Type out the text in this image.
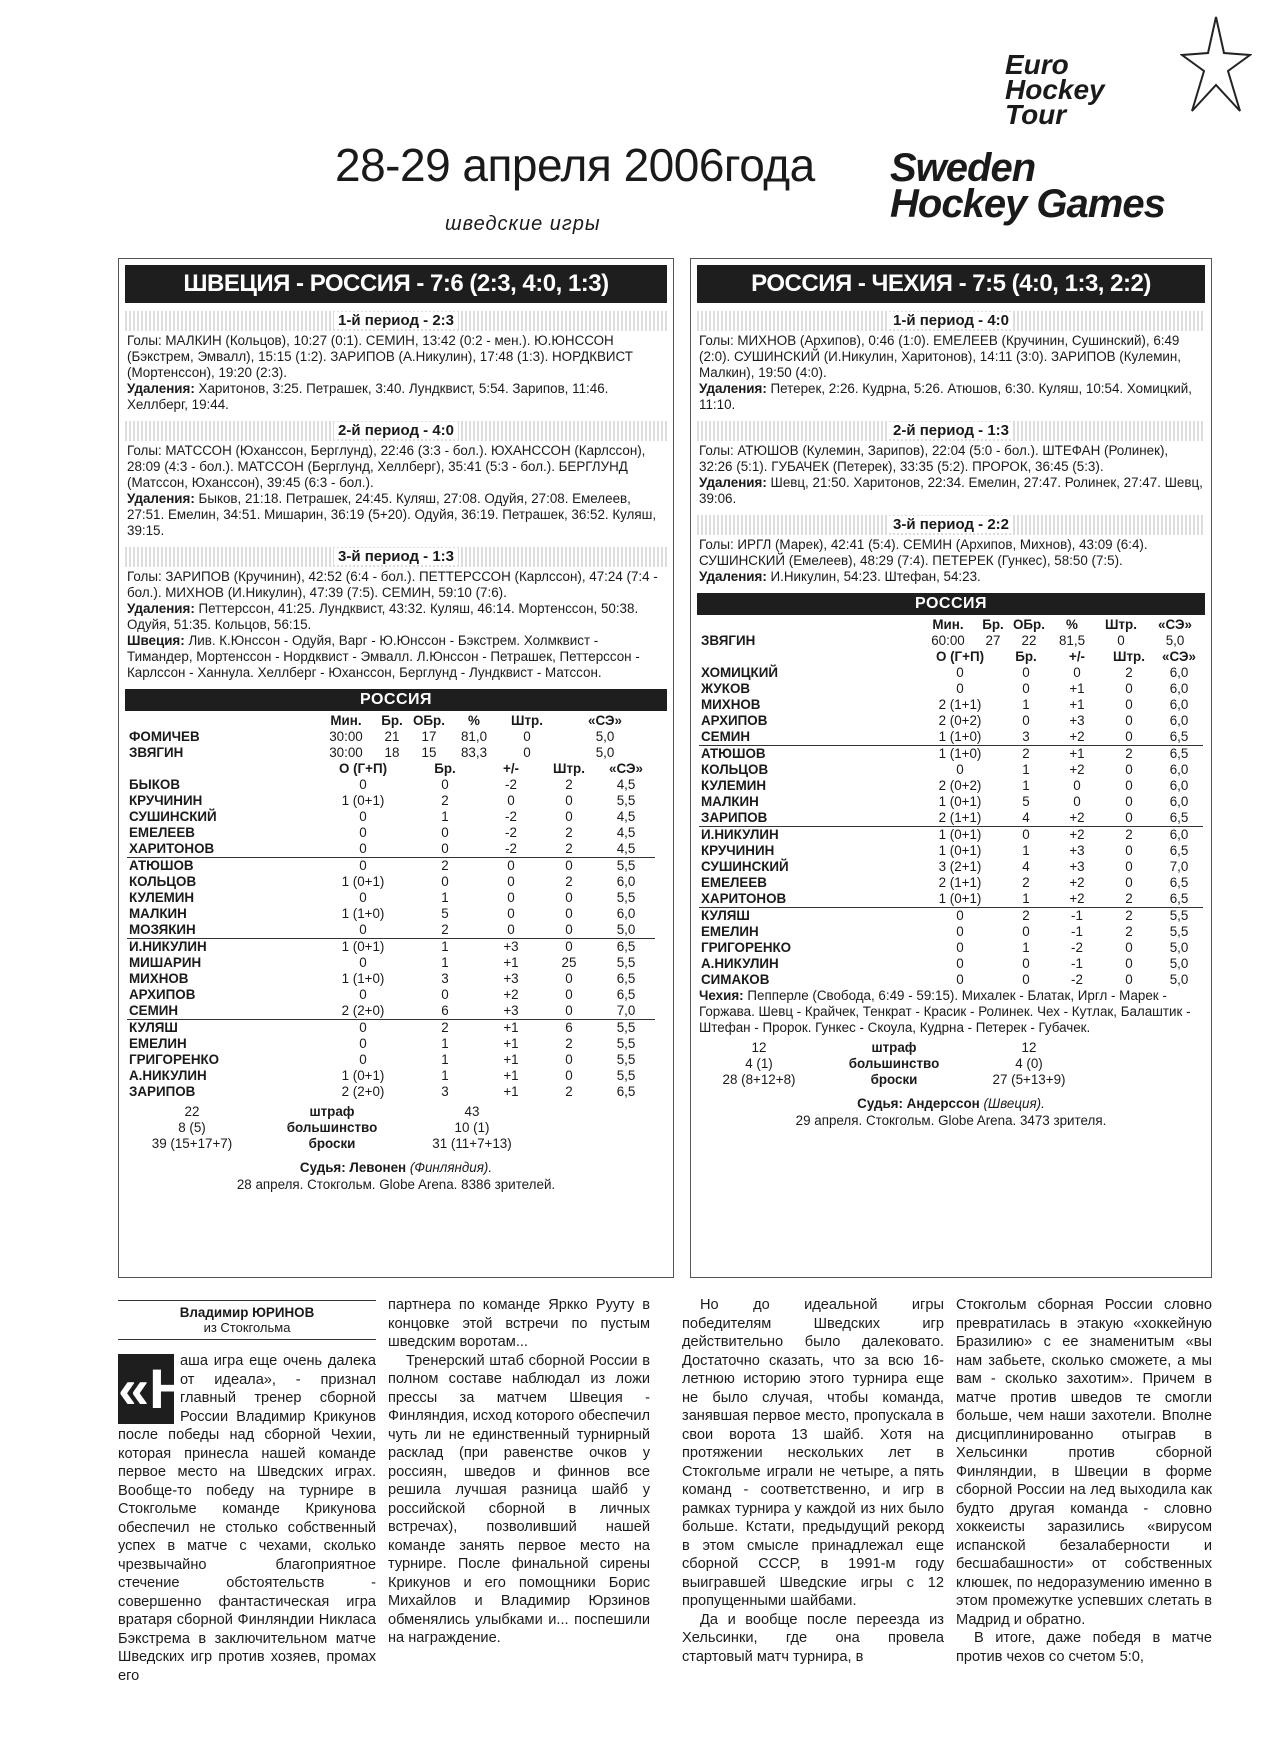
Euro
Hockey
Tour
28-29 апреля 2006года Sweden
Hockey Games
шведские игры
ШВЕЦИЯ - РОССИЯ - 7:6 (2:3, 4:0, 1:3)
1-й период - 2:3
Голы: МАЛКИН (Кольцов), 10:27 (0:1). СЕМИН, 13:42 (0:2 - мен.). Ю.ЮНССОН (Бэкстрем, Эмвалл), 15:15 (1:2). ЗАРИПОВ (А.Никулин), 17:48 (1:3). НОРДКВИСТ (Мортенссон), 19:20 (2:3).
Удаления: Харитонов, 3:25. Петрашек, 3:40. Лундквист, 5:54. Зарипов, 11:46. Хеллберг, 19:44.
2-й период - 4:0
Голы: МАТССОН (Юханссон, Берглунд), 22:46 (3:3 - бол.). ЮХАНССОН (Карлссон), 28:09 (4:3 - бол.). МАТССОН (Берглунд, Хеллберг), 35:41 (5:3 - бол.). БЕРГЛУНД (Матссон, Юханссон), 39:45 (6:3 - бол.).
Удаления: Быков, 21:18. Петрашек, 24:45. Куляш, 27:08. Одуйя, 27:08. Емелеев, 27:51. Емелин, 34:51. Мишарин, 36:19 (5+20). Одуйя, 36:19. Петрашек, 36:52. Куляш, 39:15.
3-й период - 1:3
Голы: ЗАРИПОВ (Кручинин), 42:52 (6:4 - бол.). ПЕТТЕРССОН (Карлссон), 47:24 (7:4 - бол.). МИХНОВ (И.Никулин), 47:39 (7:5). СЕМИН, 59:10 (7:6).
Удаления: Петтерссон, 41:25. Лундквист, 43:32. Куляш, 46:14. Мортенссон, 50:38. Одуйя, 51:35. Кольцов, 56:15.
Швеция: Лив. К.Юнссон - Одуйя, Варг - Ю.Юнссон - Бэкстрем. Холмквист - Тимандер, Мортенссон - Нордквист - Эмвалл. Л.Юнссон - Петрашек, Петтерссон - Карлссон - Ханнула. Хеллберг - Юханссон, Берглунд - Лундквист - Матссон.
РОССИЯ
	Мин.	Бр.	ОБр.	%	Штр.	«СЭ»
ФОМИЧЕВ	30:00	21	17	81,0	0	5,0
ЗВЯГИН	30:00	18	15	83,3	0	5,0
	О (Г+П)	Бр.	+/-	Штр.	«СЭ»
БЫКОВ	0	0	-2	2	4,5
КРУЧИНИН	1 (0+1)	2	0	0	5,5
СУШИНСКИЙ	0	1	-2	0	4,5
ЕМЕЛЕЕВ	0	0	-2	2	4,5
ХАРИТОНОВ	0	0	-2	2	4,5
АТЮШОВ	0	2	0	0	5,5
КОЛЬЦОВ	1 (0+1)	0	0	2	6,0
КУЛЕМИН	0	1	0	0	5,5
МАЛКИН	1 (1+0)	5	0	0	6,0
МОЗЯКИН	0	2	0	0	5,0
И.НИКУЛИН	1 (0+1)	1	+3	0	6,5
МИШАРИН	0	1	+1	25	5,5
МИХНОВ	1 (1+0)	3	+3	0	6,5
АРХИПОВ	0	0	+2	0	6,5
СЕМИН	2 (2+0)	6	+3	0	7,0
КУЛЯШ	0	2	+1	6	5,5
ЕМЕЛИН	0	1	+1	2	5,5
ГРИГОРЕНКО	0	1	+1	0	5,5
А.НИКУЛИН	1 (0+1)	1	+1	0	5,5
ЗАРИПОВ	2 (2+0)	3	+1	2	6,5
22	штраф	43
8 (5)	большинство	10 (1)
39 (15+17+7)	броски	31 (11+7+13)
Судья: Левонен (Финляндия).
28 апреля. Стокгольм. Globe Arena. 8386 зрителей.
РОССИЯ - ЧЕХИЯ - 7:5 (4:0, 1:3, 2:2)
1-й период - 4:0
Голы: МИХНОВ (Архипов), 0:46 (1:0). ЕМЕЛЕЕВ (Кручинин, Сушинский), 6:49 (2:0). СУШИНСКИЙ (И.Никулин, Харитонов), 14:11 (3:0). ЗАРИПОВ (Кулемин, Малкин), 19:50 (4:0).
Удаления: Петерек, 2:26. Кудрна, 5:26. Атюшов, 6:30. Куляш, 10:54. Хомицкий, 11:10.
2-й период - 1:3
Голы: АТЮШОВ (Кулемин, Зарипов), 22:04 (5:0 - бол.). ШТЕФАН (Ролинек), 32:26 (5:1). ГУБАЧЕК (Петерек), 33:35 (5:2). ПРОРОК, 36:45 (5:3).
Удаления: Шевц, 21:50. Харитонов, 22:34. Емелин, 27:47. Ролинек, 27:47. Шевц, 39:06.
3-й период - 2:2
Голы: ИРГЛ (Марек), 42:41 (5:4). СЕМИН (Архипов, Михнов), 43:09 (6:4). СУШИНСКИЙ (Емелеев), 48:29 (7:4). ПЕТЕРЕК (Гункес), 58:50 (7:5).
Удаления: И.Никулин, 54:23. Штефан, 54:23.
РОССИЯ
	Мин.	Бр.	ОБр.	%	Штр.	«СЭ»
ЗВЯГИН	60:00	27	22	81,5	0	5,0
	О (Г+П)	Бр.	+/-	Штр.	«СЭ»
ХОМИЦКИЙ	0	0	0	2	6,0
ЖУКОВ	0	0	+1	0	6,0
МИХНОВ	2 (1+1)	1	+1	0	6,0
АРХИПОВ	2 (0+2)	0	+3	0	6,0
СЕМИН	1 (1+0)	3	+2	0	6,5
АТЮШОВ	1 (1+0)	2	+1	2	6,5
КОЛЬЦОВ	0	1	+2	0	6,0
КУЛЕМИН	2 (0+2)	1	0	0	6,0
МАЛКИН	1 (0+1)	5	0	0	6,0
ЗАРИПОВ	2 (1+1)	4	+2	0	6,5
И.НИКУЛИН	1 (0+1)	0	+2	2	6,0
КРУЧИНИН	1 (0+1)	1	+3	0	6,5
СУШИНСКИЙ	3 (2+1)	4	+3	0	7,0
ЕМЕЛЕЕВ	2 (1+1)	2	+2	0	6,5
ХАРИТОНОВ	1 (0+1)	1	+2	2	6,5
КУЛЯШ	0	2	-1	2	5,5
ЕМЕЛИН	0	0	-1	2	5,5
ГРИГОРЕНКО	0	1	-2	0	5,0
А.НИКУЛИН	0	0	-1	0	5,0
СИМАКОВ	0	0	-2	0	5,0
Чехия: Пепперле (Свобода, 6:49 - 59:15). Михалек - Блатак, Иргл - Марек - Горжава. Шевц - Крайчек, Тенкрат - Красик - Ролинек. Чех - Кутлак, Балаштик - Штефан - Пророк. Гункес - Скоула, Кудрна - Петерек - Губачек.
12	штраф	12
4 (1)	большинство	4 (0)
28 (8+12+8)	броски	27 (5+13+9)
Судья: Андерссон (Швеция).
29 апреля. Стокгольм. Globe Arena. 3473 зрителя.
Владимир ЮРИНОВ
из Стокгольма
«Н
аша игра еще очень далека от идеала», - признал главный тренер сборной России Владимир Крикунов после победы над сборной Чехии, которая принесла нашей команде первое место на Шведских играх. Вообще-то победу на турнире в Стокгольме команде Крикунова обеспечил не столько собственный успех в матче с чехами, сколько чрезвычайно благоприятное стечение обстоятельств - совершенно фантастическая игра вратаря сборной Финляндии Никласа Бэкстрема в заключительном матче Шведских игр против хозяев, промах его
партнера по команде Яркко Рууту в концовке этой встречи по пустым шведским воротам...
Тренерский штаб сборной России в полном составе наблюдал из ложи прессы за матчем Швеция - Финляндия, исход которого обеспечил чуть ли не единственный турнирный расклад (при равенстве очков у россиян, шведов и финнов все решила лучшая разница шайб у российской сборной в личных встречах), позволивший нашей команде занять первое место на турнире. После финальной сирены Крикунов и его помощники Борис Михайлов и Владимир Юрзинов обменялись улыбками и... поспешили на награждение.
Но до идеальной игры победителям Шведских игр действительно было далековато. Достаточно сказать, что за всю 16-летнюю историю этого турнира еще не было случая, чтобы команда, занявшая первое место, пропускала в свои ворота 13 шайб. Хотя на протяжении нескольких лет в Стокгольме играли не четыре, а пять команд - соответственно, и игр в рамках турнира у каждой из них было больше. Кстати, предыдущий рекорд в этом смысле принадлежал еще сборной СССР, в 1991-м году выигравшей Шведские игры с 12 пропущенными шайбами.
Да и вообще после переезда из Хельсинки, где она провела стартовый матч турнира, в
Стокгольм сборная России словно превратилась в этакую «хоккейную Бразилию» с ее знаменитым «вы нам забьете, сколько сможете, а мы вам - сколько захотим». Причем в матче против шведов те смогли больше, чем наши захотели. Вполне дисциплинированно отыграв в Хельсинки против сборной Финляндии, в Швеции в форме сборной России на лед выходила как будто другая команда - словно хоккеисты заразились «вирусом испанской безалаберности и бесшабашности» от собственных клюшек, по недоразумению именно в этом промежутке успевших слетать в Мадрид и обратно.
В итоге, даже победя в матче против чехов со счетом 5:0,
